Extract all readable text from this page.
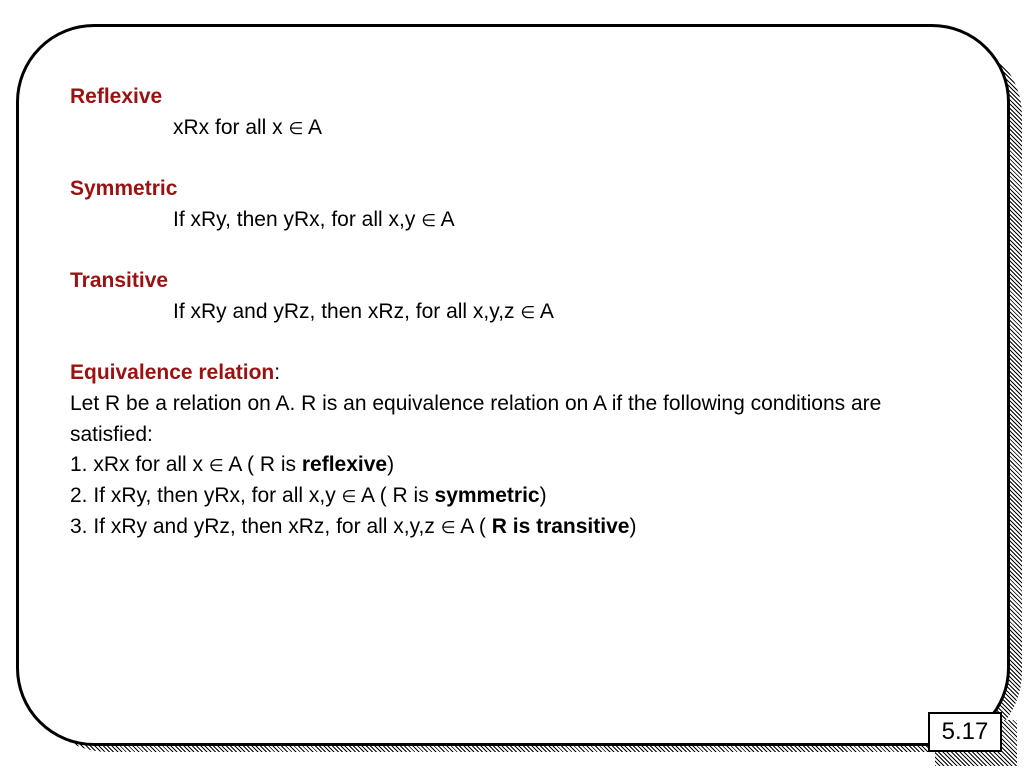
Reflexive
xRx for all x ∈ A
Symmetric
If xRy, then yRx, for all x,y ∈ A
Transitive
If xRy and yRz, then xRz, for all x,y,z ∈ A
Equivalence relation:
Let R be a relation on A. R is an equivalence relation on A if the following conditions are satisfied:
1. xRx for all x ∈ A ( R is reflexive)
2. If xRy, then yRx, for all x,y ∈ A ( R is symmetric)
3. If xRy and yRz, then xRz, for all x,y,z ∈ A ( R is transitive)
5.17
